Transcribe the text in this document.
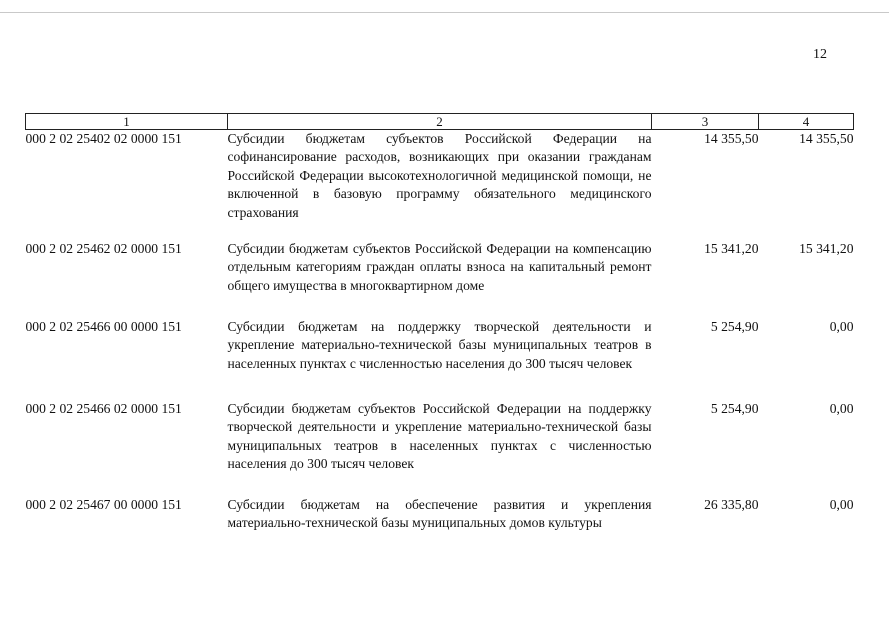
12
1	2	3	4
000 2 02 25402 02 0000 151	Субсидии бюджетам субъектов Российской Федерации на софинансирование расходов, возникающих при оказании гражданам Российской Федерации высокотехнологичной медицинской помощи, не включенной в базовую программу обязательного медицинского страхования	14 355,50	14 355,50
000 2 02 25462 02 0000 151	Субсидии бюджетам субъектов Российской Федерации на компенсацию отдельным категориям граждан оплаты взноса на капитальный ремонт общего имущества в многоквартирном доме	15 341,20	15 341,20
000 2 02 25466 00 0000 151	Субсидии бюджетам на поддержку творческой деятельности и укрепление материально-технической базы муниципальных театров в населенных пунктах с численностью населения до 300 тысяч человек	5 254,90	0,00
000 2 02 25466 02 0000 151	Субсидии бюджетам субъектов Российской Федерации на поддержку творческой деятельности и укрепление материально-технической базы муниципальных театров в населенных пунктах с численностью населения до 300 тысяч человек	5 254,90	0,00
000 2 02 25467 00 0000 151	Субсидии бюджетам на обеспечение развития и укрепления материально-технической базы муниципальных домов культуры	26 335,80	0,00
